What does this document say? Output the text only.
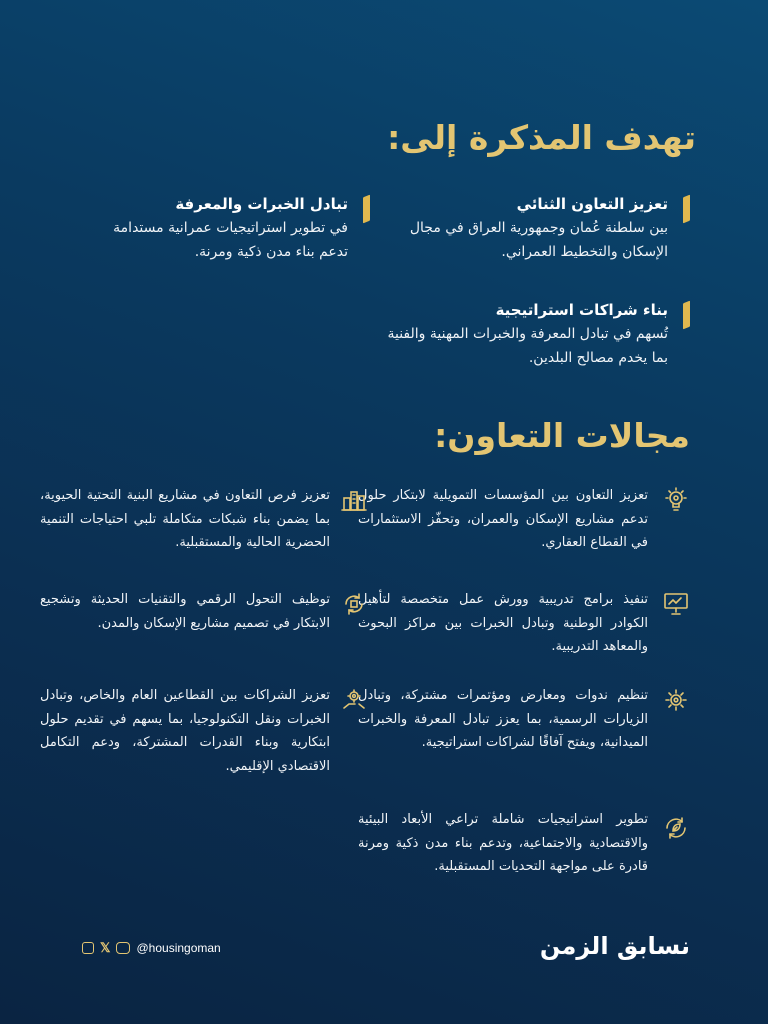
تهدف المذكرة إلى:
تعزيز التعاون الثنائي

بين سلطنة عُمان وجمهورية العراق في مجال الإسكان والتخطيط العمراني.

تبادل الخبرات والمعرفة

في تطوير استراتيجيات عمرانية مستدامة تدعم بناء مدن ذكية ومرنة.

بناء شراكات استراتيجية

تُسهم في تبادل المعرفة والخبرات المهنية والفنية بما يخدم مصالح البلدين.

مجالات التعاون:

تعزيز التعاون بين المؤسسات التمويلية لابتكار حلول تدعم مشاريع الإسكان والعمران، وتحفّز الاستثمارات في القطاع العقاري.

تنفيذ برامج تدريبية وورش عمل متخصصة لتأهيل الكوادر الوطنية وتبادل الخبرات بين مراكز البحوث والمعاهد التدريبية.

تنظيم ندوات ومعارض ومؤتمرات مشتركة، وتبادل الزيارات الرسمية، بما يعزز تبادل المعرفة والخبرات الميدانية، ويفتح آفاقًا لشراكات استراتيجية.

تطوير استراتيجيات شاملة تراعي الأبعاد البيئية والاقتصادية والاجتماعية، وتدعم بناء مدن ذكية ومرنة قادرة على مواجهة التحديات المستقبلية.

تعزيز فرص التعاون في مشاريع البنية التحتية الحيوية، بما يضمن بناء شبكات متكاملة تلبي احتياجات التنمية الحضرية الحالية والمستقبلية.

توظيف التحول الرقمي والتقنيات الحديثة وتشجيع الابتكار في تصميم مشاريع الإسكان والمدن.

تعزيز الشراكات بين القطاعين العام والخاص، وتبادل الخبرات ونقل التكنولوجيا، بما يسهم في تقديم حلول ابتكارية وبناء القدرات المشتركة، ودعم التكامل الاقتصادي الإقليمي.

𝕏 @housingoman	نسابق الزمن
